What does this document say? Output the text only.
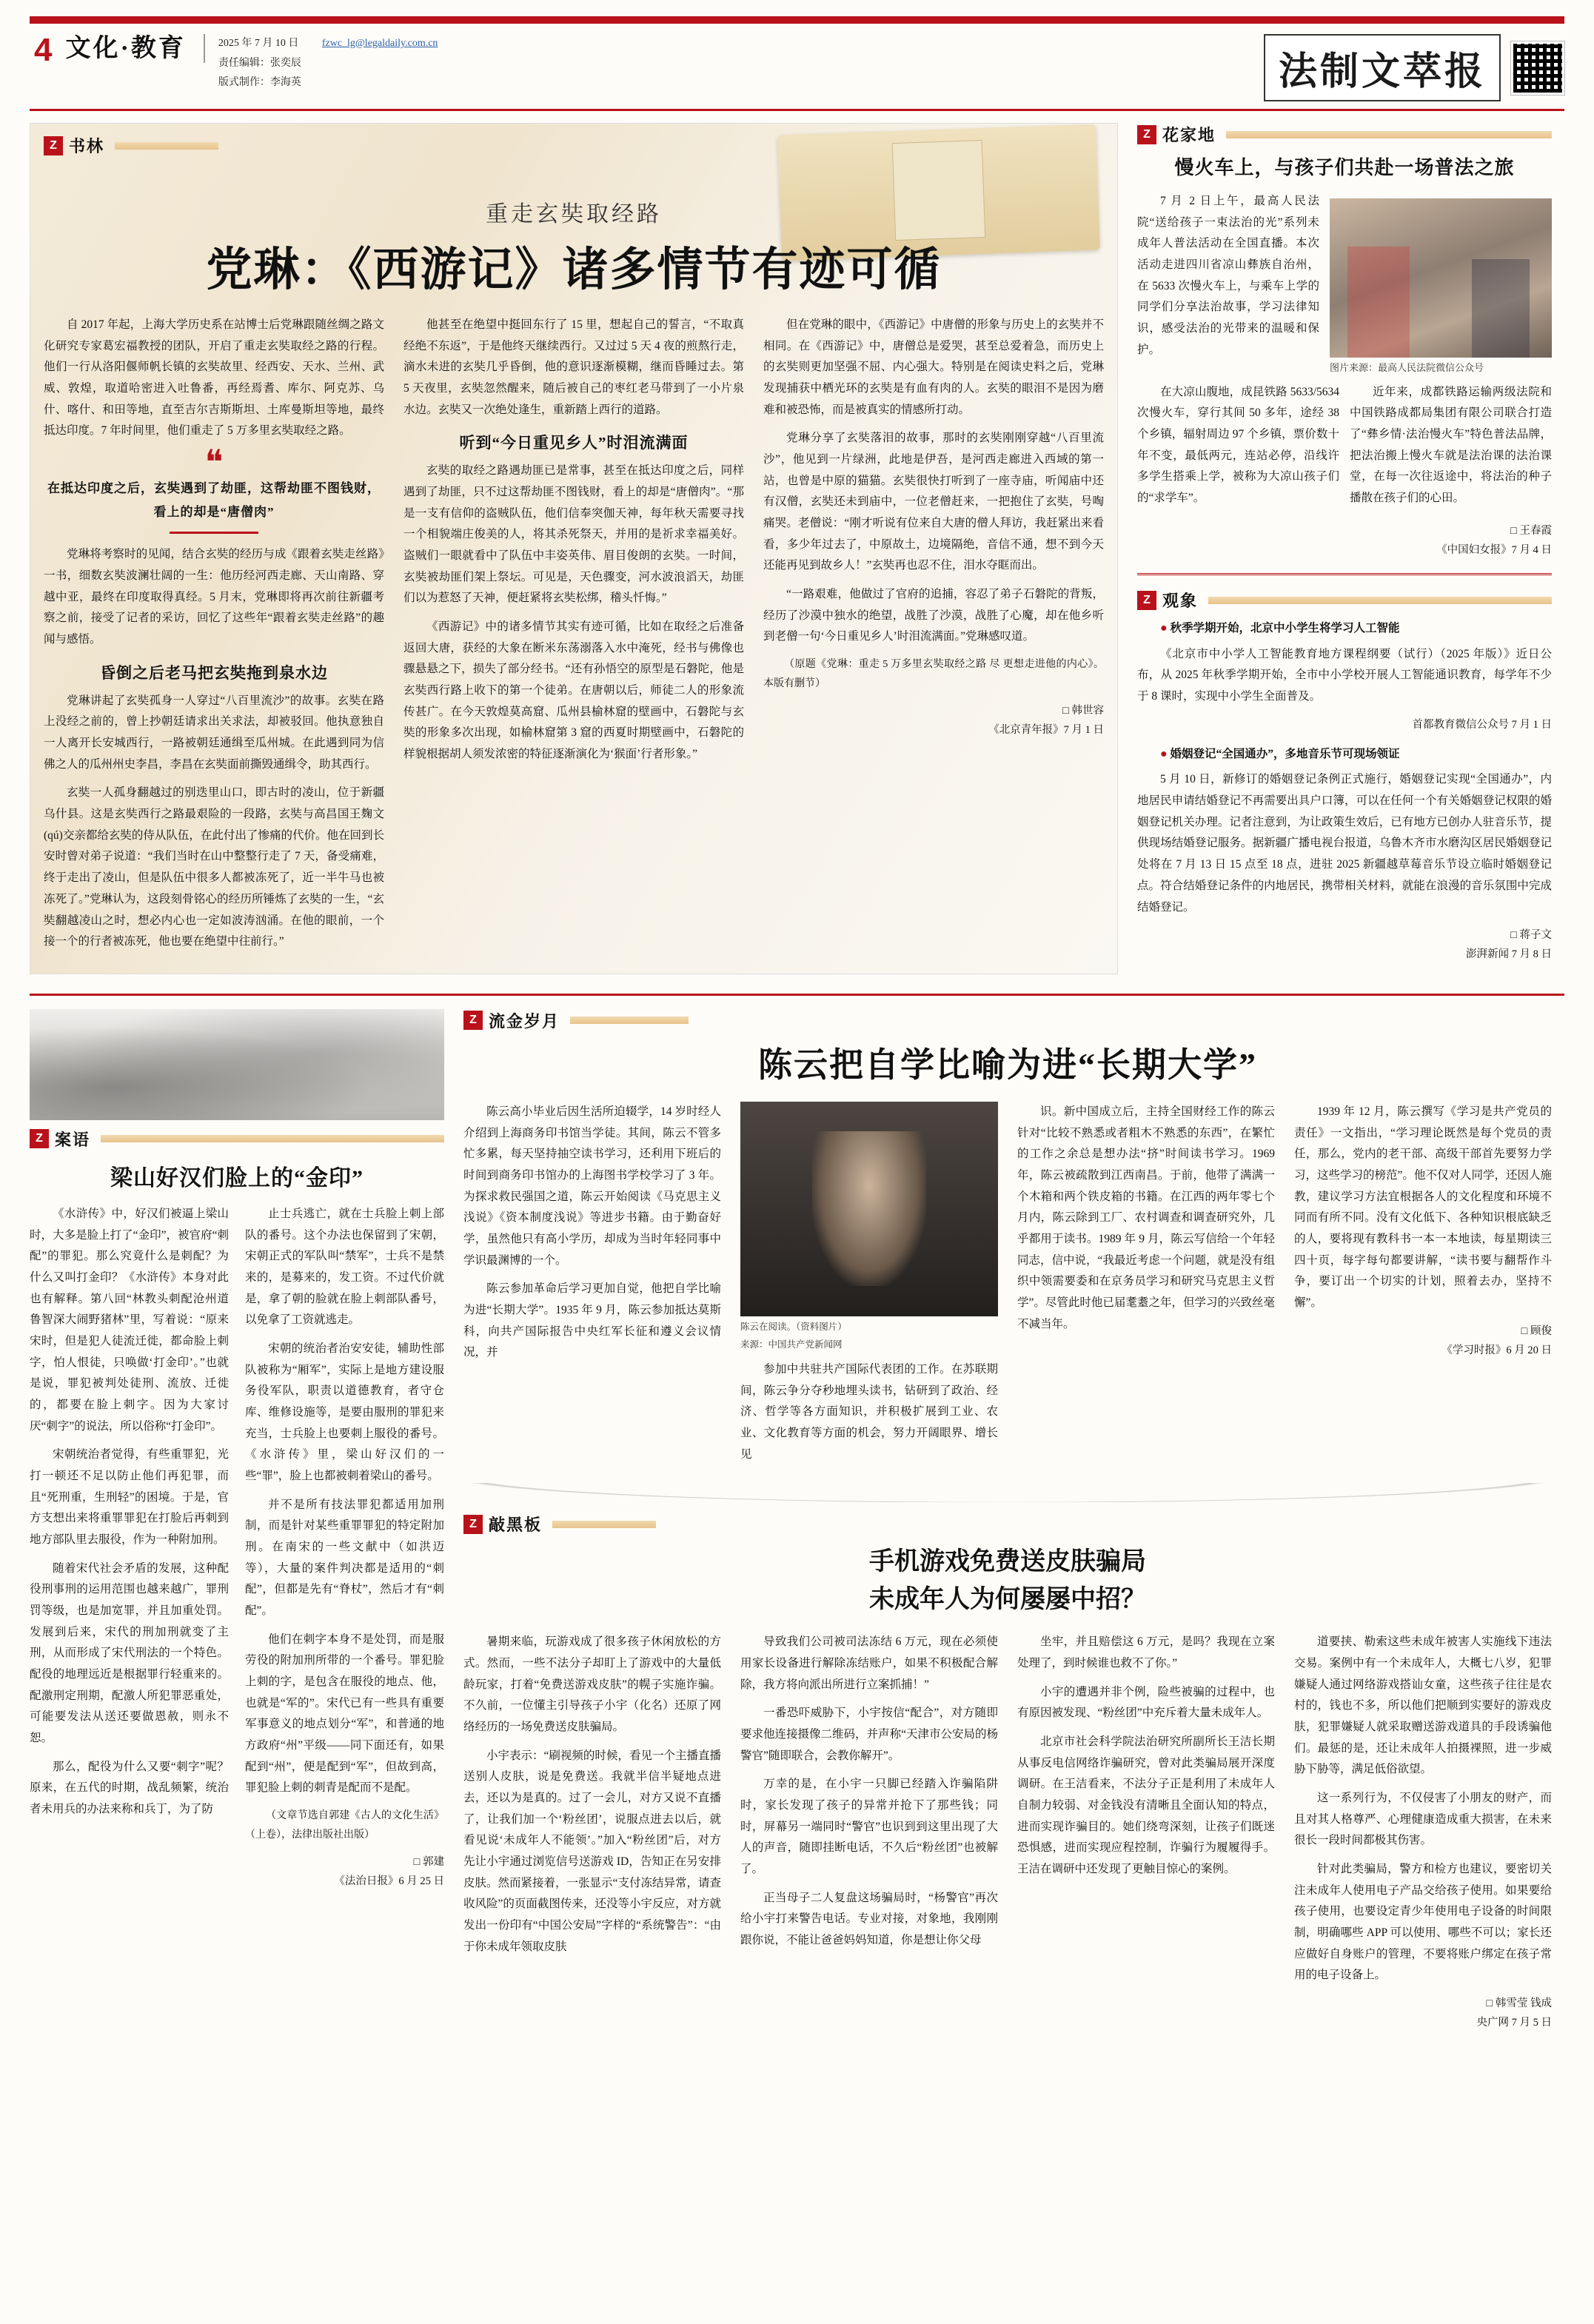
4 文化·教育	2025 年 7 月 10 日
责任编辑：张奕辰
版式制作：李海英
fzwc_lg@legaldaily.com.cn
法制文萃报
Z 书林
重走玄奘取经路
党琳：《西游记》诸多情节有迹可循

自 2017 年起，上海大学历史系在站博士后党琳跟随丝绸之路文化研究专家葛宏福教授的团队，开启了重走玄奘取经之路的行程。他们一行从洛阳偃师帆长镇的玄奘故里、经西安、天水、兰州、武威、敦煌，取道哈密进入吐鲁番，再经焉耆、库尔、阿克苏、乌什、喀什、和田等地，直至吉尔吉斯斯坦、土库曼斯坦等地，最终抵达印度。7 年时间里，他们重走了 5 万多里玄奘取经之路。

❝
在抵达印度之后，玄奘遇到了劫匪，这帮劫匪不图钱财，看上的却是“唐僧肉”

党琳将考察时的见闻，结合玄奘的经历与成《跟着玄奘走丝路》一书，细数玄奘波澜壮阔的一生：他历经河西走廊、天山南路、穿越中亚，最终在印度取得真经。5 月末，党琳即将再次前往新疆考察之前，接受了记者的采访，回忆了这些年“跟着玄奘走丝路”的趣闻与感悟。

昏倒之后老马把玄奘拖到泉水边

党琳讲起了玄奘孤身一人穿过“八百里流沙”的故事。玄奘在路上没经之前的，曾上抄朝廷请求出关求法，却被驳回。他执意独自一人离开长安城西行，一路被朝廷通缉至瓜州城。在此遇到同为信佛之人的瓜州州史李昌，李昌在玄奘面前撕毁通缉令，助其西行。

玄奘一人孤身翻越过的别迭里山口，即古时的凌山，位于新疆乌什县。这是玄奘西行之路最艰险的一段路，玄奘与高昌国王麹文(qú)交亲都给玄奘的侍从队伍，在此付出了惨痛的代价。他在回到长安时曾对弟子说道：“我们当时在山中整整行走了 7 天，备受痛难，终于走出了凌山，但是队伍中很多人都被冻死了，近一半牛马也被冻死了。”党琳认为，这段刻骨铭心的经历所锤炼了玄奘的一生，“玄奘翻越凌山之时，想必内心也一定如波涛汹涌。在他的眼前，一个接一个的行者被冻死，他也要在绝望中往前行。”

他甚至在绝望中挺回东行了 15 里，想起自己的誓言，“不取真经绝不东返”，于是他终天继续西行。又过过 5 天 4 夜的煎熬行走，滴水未进的玄奘几乎昏倒，他的意识逐渐模糊，继而昏睡过去。第 5 天夜里，玄奘忽然醒来，随后被自己的枣红老马带到了一小片泉水边。玄奘又一次绝处逢生，重新踏上西行的道路。

听到“今日重见乡人”时泪流满面

玄奘的取经之路遇劫匪已是常事，甚至在抵达印度之后，同样遇到了劫匪，只不过这帮劫匪不图钱财，看上的却是“唐僧肉”。“那是一支有信仰的盗贼队伍，他们信奉突伽天神，每年秋天需要寻找一个相貌端庄俊美的人，将其杀死祭天，并用的是祈求幸福美好。盗贼们一眼就看中了队伍中丰姿英伟、眉目俊朗的玄奘。一时间，玄奘被劫匪们架上祭坛。可见是，天色骤变，河水波浪滔天，劫匪们以为惹怒了天神，便赶紧将玄奘松绑，稽头忏悔。”

《西游记》中的诸多情节其实有迹可循，比如在取经之后准备返回大唐，获经的大象在断米东荡溺落入水中淹死，经书与佛像也骤悬悬之下，损失了部分经书。“还有孙悟空的原型是石磐陀，他是玄奘西行路上收下的第一个徒弟。在唐朝以后，师徒二人的形象流传甚广。在今天敦煌莫高窟、瓜州县榆林窟的壁画中，石磐陀与玄奘的形象多次出现，如榆林窟第 3 窟的西夏时期壁画中，石磐陀的样貌根据胡人须发浓密的特征逐渐演化为‘猴面’行者形象。”

但在党琳的眼中，《西游记》中唐僧的形象与历史上的玄奘并不相同。在《西游记》中，唐僧总是爱哭，甚至总爱着急，而历史上的玄奘则更加坚强不屈、内心强大。特别是在阅读史料之后，党琳发现捕获中栖光环的玄奘是有血有肉的人。玄奘的眼泪不是因为磨难和被恐怖，而是被真实的情感所打动。

党琳分享了玄奘落泪的故事，那时的玄奘刚刚穿越“八百里流沙”，他见到一片绿洲，此地是伊吾，是河西走廊进入西域的第一站，也曾是中原的猫猫。玄奘很快打听到了一座寺庙，听闻庙中还有汉僧，玄奘还未到庙中，一位老僧赶来，一把抱住了玄奘，号啕痛哭。老僧说：“刚才听说有位来自大唐的僧人拜访，我赶紧出来看看，多少年过去了，中原故土，边境隔绝，音信不通，想不到今天还能再见到故乡人！”玄奘再也忍不住，泪水夺眶而出。

“一路艰难，他做过了官府的追捕，容忍了弟子石磐陀的背叛，经历了沙漠中独水的绝望，战胜了沙漠，战胜了心魔，却在他乡听到老僧一句‘今日重见乡人’时泪流满面。”党琳感叹道。

（原题《党琳：重走 5 万多里玄奘取经之路 尽 更想走进他的内心》。本版有删节）

□ 韩世容
《北京青年报》7 月 1 日
Z 花家地
慢火车上，与孩子们共赴一场普法之旅

7 月 2 日上午，最高人民法院“送给孩子一束法治的光”系列未成年人普法活动在全国直播。本次活动走进四川省凉山彝族自治州，在 5633 次慢火车上，与乘车上学的同学们分享法治故事，学习法律知识，感受法治的光带来的温暖和保护。

图片来源：最高人民法院微信公众号

在大凉山腹地，成昆铁路 5633/5634 次慢火车，穿行其间 50 多年，途经 38 个乡镇，辐射周边 97 个乡镇，票价数十年不变，最低两元，连站必停，沿线许多学生搭乘上学，被称为大凉山孩子们的“求学车”。

近年来，成都铁路运输两级法院和中国铁路成都局集团有限公司联合打造了“彝乡情·法治慢火车”特色普法品牌，把法治搬上慢火车就是法治课的法治课堂，在每一次往返途中，将法治的种子播散在孩子们的心田。

□ 王春霞
《中国妇女报》7 月 4 日
Z 观象
● 秋季学期开始，北京中小学生将学习人工智能

《北京市中小学人工智能教育地方课程纲要（试行）（2025 年版）》近日公布，从 2025 年秋季学期开始，全市中小学校开展人工智能通识教育，每学年不少于 8 课时，实现中小学生全面普及。

首都教育微信公众号 7 月 1 日
● 婚姻登记“全国通办”，多地音乐节可现场领证

5 月 10 日，新修订的婚姻登记条例正式施行，婚姻登记实现“全国通办”，内地居民申请结婚登记不再需要出具户口簿，可以在任何一个有关婚姻登记权限的婚姻登记机关办理。记者注意到，为让政策生效后，已有地方已创办人驻音乐节，提供现场结婚登记服务。据新疆广播电视台报道，乌鲁木齐市水磨沟区居民婚姻登记处将在 7 月 13 日 15 点至 18 点，进驻 2025 新疆越草莓音乐节设立临时婚姻登记点。符合结婚登记条件的内地居民，携带相关材料，就能在浪漫的音乐氛围中完成结婚登记。

□ 蒋子文
澎湃新闻 7 月 8 日
Z 案语
梁山好汉们脸上的“金印”

《水浒传》中，好汉们被逼上梁山时，大多是脸上打了“金印”，被官府“刺配”的罪犯。那么究竟什么是刺配？为什么又叫打金印？《水浒传》本身对此也有解释。第八回“林教头刺配沧州道 鲁智深大闹野猪林”里，写着说：“原来宋时，但是犯人徒流迁徙，都命脸上刺字，怕人恨徒，只唤做‘打金印’。”也就是说，罪犯被判处徒刑、流放、迁徙的，都要在脸上刺字。因为大家讨厌“刺字”的说法，所以俗称“打金印”。

宋朝统治者觉得，有些重罪犯，光打一顿还不足以防止他们再犯罪，而且“死刑重，生刑轻”的困境。于是，官方支想出来将重罪罪犯在打脸后再刺到地方部队里去服役，作为一种附加刑。

随着宋代社会矛盾的发展，这种配役刑事刑的运用范围也越来越广，罪刑罚等级，也是加宽罪，并且加重处罚。发展到后来，宋代的刑加刑就变了主刑，从而形成了宋代刑法的一个特色。配役的地理远近是根据罪行轻重来的。配激刑定刑期，配激人所犯罪恶重处，可能要发法从送还要做恩赦，则永不恕。

那么，配役为什么又要“刺字”呢？原来，在五代的时期，战乱频繁，统治者未用兵的办法来称和兵丁，为了防

止士兵逃亡，就在士兵脸上刺上部队的番号。这个办法也保留到了宋朝，宋朝正式的军队叫“禁军”，士兵不是禁来的，是募来的，发工资。不过代价就是，拿了朝的脸就在脸上刺部队番号，以免拿了工资就逃走。

宋朝的统治者治安安徒，辅助性部队被称为“厢军”，实际上是地方建设服务役军队，职责以道德教育，者守仓库、维修设施等，是要由服刑的罪犯来充当，士兵脸上也要刺上服役的番号。《水浒传》里，梁山好汉们的一些“罪”，脸上也都被刺着梁山的番号。

并不是所有技法罪犯都适用加刑制，而是针对某些重罪罪犯的特定附加刑。在南宋的一些文献中（如洪迈等），大量的案件判决都是适用的“刺配”，但都是先有“脊杖”，然后才有“刺配”。

他们在刺字本身不是处罚，而是服劳役的附加刑所带的一个番号。罪犯脸上刺的字，是包含在服役的地点、他，也就是“军的”。宋代已有一些具有重要军事意义的地点划分“军”，和普通的地方政府“州”平级——同下面还有，如果配到“州”，便是配到“军”，但故到高，罪犯脸上刺的刺青是配而不是配。

（文章节选自郭建《古人的文化生活》（上卷），法律出版社出版）

□ 郭建
《法治日报》6 月 25 日
Z 流金岁月
陈云把自学比喻为进“长期大学”

陈云高小毕业后因生活所迫辍学，14 岁时经人介绍到上海商务印书馆当学徒。其间，陈云不管多忙多累，每天坚持抽空读书学习，还利用下班后的时间到商务印书馆办的上海图书学校学习了 3 年。为探求救民强国之道，陈云开始阅读《马克思主义浅说》《资本制度浅说》等进步书籍。由于勤奋好学，虽然他只有高小学历，却成为当时年轻同事中学识最渊博的一个。

陈云参加革命后学习更加自觉，他把自学比喻为进“长期大学”。1935 年 9 月，陈云参加抵达莫斯科，向共产国际报告中央红军长征和遵义会议情况，并

陈云在阅读。（资料图片）
来源：中国共产党新闻网

参加中共驻共产国际代表团的工作。在苏联期间，陈云争分夺秒地埋头读书，钻研到了政治、经济、哲学等各方面知识，并积极扩展到工业、农业、文化教育等方面的机会，努力开阔眼界、增长见

识。新中国成立后，主持全国财经工作的陈云针对“比较不熟悉或者粗木不熟悉的东西”，在繁忙的工作之余总是想办法“挤”时间读书学习。1969 年，陈云被疏散到江西南昌。于前，他带了满满一个木箱和两个铁皮箱的书籍。在江西的两年零七个月内，陈云除到工厂、农村调查和调查研究外，几乎都用于读书。1989 年 9 月，陈云写信给一个年轻同志，信中说，“我最近考虑一个问题，就是没有组织中领需要委和在京务员学习和研究马克思主义哲学”。尽管此时他已届耄耋之年，但学习的兴致丝毫不减当年。

1939 年 12 月，陈云撰写《学习是共产党员的责任》一文指出，“学习理论既然是每个党员的责任，那么，党内的老干部、高级干部首先要努力学习，这些学习的榜范”。他不仅对人同学，还因人施教，建议学习方法宜根据各人的文化程度和环境不同而有所不同。没有文化低下、各种知识根底缺乏的人，要将现有教科书一本一本地读，每星期读三四十页，每字每句都要讲解，“读书要与翻帮作斗争，要订出一个切实的计划，照着去办，坚持不懈”。

□ 顾俊
《学习时报》6 月 20 日
Z 敲黑板
手机游戏免费送皮肤骗局
未成年人为何屡屡中招？

暑期来临，玩游戏成了很多孩子休闲放松的方式。然而，一些不法分子却盯上了游戏中的大量低龄玩家，打着“免费送游戏皮肤”的幌子实施诈骗。不久前，一位懂主引导孩子小宇（化名）还原了网络经历的一场免费送皮肤骗局。

小宇表示：“刷视频的时候，看见一个主播直播送别人皮肤，说是免费送。我就半信半疑地点进去，还以为是真的。过了一会儿，对方又说不直播了，让我们加一个‘粉丝团’，说服点进去以后，就看见说‘未成年人不能领’。”加入“粉丝团”后，对方先让小宇通过浏览信号送游戏 ID，告知正在另安排皮肤。然而紧接着，一张显示“支付冻结异常，请查收风险”的页面截图传来，还没等小宇反应，对方就发出一份印有“中国公安局”字样的“系统警告”：“由于你未成年领取皮肤

导致我们公司被司法冻结 6 万元，现在必须使用家长设备进行解除冻结账户，如果不积极配合解除，我方将向派出所进行立案抓捕！”

一番恐吓威胁下，小宇按信“配合”，对方随即要求他连接摄像二维码，并声称“天津市公安局的杨警官”随即联合，会教你解开”。

万幸的是，在小宇一只脚已经踏入诈骗陷阱时，家长发现了孩子的异常并抢下了那些钱；同时，屏幕另一端同时“警官”也识到到这里出现了大人的声音，随即挂断电话，不久后“粉丝团”也被解了。

正当母子二人复盘这场骗局时，“杨警官”再次给小宇打来警告电话。专业对接，对象地，我刚刚跟你说，不能让爸爸妈妈知道，你是想让你父母

坐牢，并且赔偿这 6 万元，是吗？我现在立案处理了，到时候谁也救不了你。”

小宇的遭遇并非个例，险些被骗的过程中，也有原因被发现、“粉丝团”中充斥着大量未成年人。

北京市社会科学院法治研究所副所长王洁长期从事反电信网络诈骗研究，曾对此类骗局展开深度调研。在王洁看来，不法分子正是利用了未成年人自制力较弱、对金钱没有清晰且全面认知的特点，进而实现诈骗目的。她们绕弯深刻，让孩子们既迷恐惧感，进而实现应程控制，诈骗行为履履得手。王洁在调研中还发现了更触目惊心的案例。

道要挟、勒索这些未成年被害人实施线下违法交易。案例中有一个未成年人，大概七八岁，犯罪嫌疑人通过网络游戏搭讪女童，这些孩子往往是农村的，钱也不多，所以他们把顺到实要好的游戏皮肤，犯罪嫌疑人就采取赠送游戏道具的手段诱骗他们。最惩的是，还让未成年人拍摄裸照，进一步威胁下胁等，满足低俗欲望。

这一系列行为，不仅侵害了小朋友的财产，而且对其人格尊严、心理健康造成重大损害，在未来很长一段时间都极其伤害。

针对此类骗局，警方和检方也建议，要密切关注未成年人使用电子产品交给孩子使用。如果要给孩子使用，也要设定青少年使用电子设备的时间限制，明确哪些 APP 可以使用、哪些不可以；家长还应做好自身账户的管理，不要将账户绑定在孩子常用的电子设备上。

□ 韩雪莹 钱成
央广网 7 月 5 日
